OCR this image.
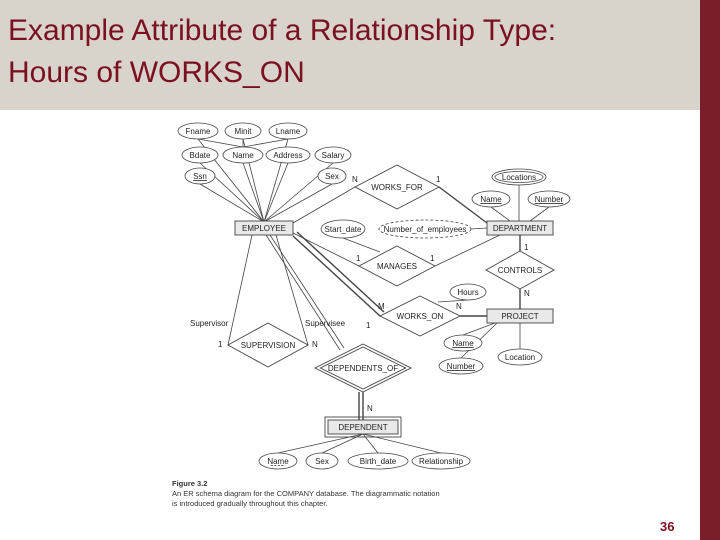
Example Attribute of a Relationship Type:
Hours of WORKS_ON
EMPLOYEE	DEPARTMENT
PROJECT
DEPENDENT
WORKS_FOR
MANAGES	CONTROLS
WORKS_ON
SUPERVISION
DEPENDENTS_OF
Fname	Minit	Lname
Bdate	Name Address Salary
Ssn	Sex
Start_date	Number_of_employees
Locations
Name	Number
Hours
Name
Number
Location
Name	Sex	Birth_date	Relationship
N	1
1	1
1
N
M	N
1	N
1
N
Supervisor	Supervisee
Figure 3.2
An ER schema diagram for the COMPANY database. The diagrammatic notation
is introduced gradually throughout this chapter.
36
